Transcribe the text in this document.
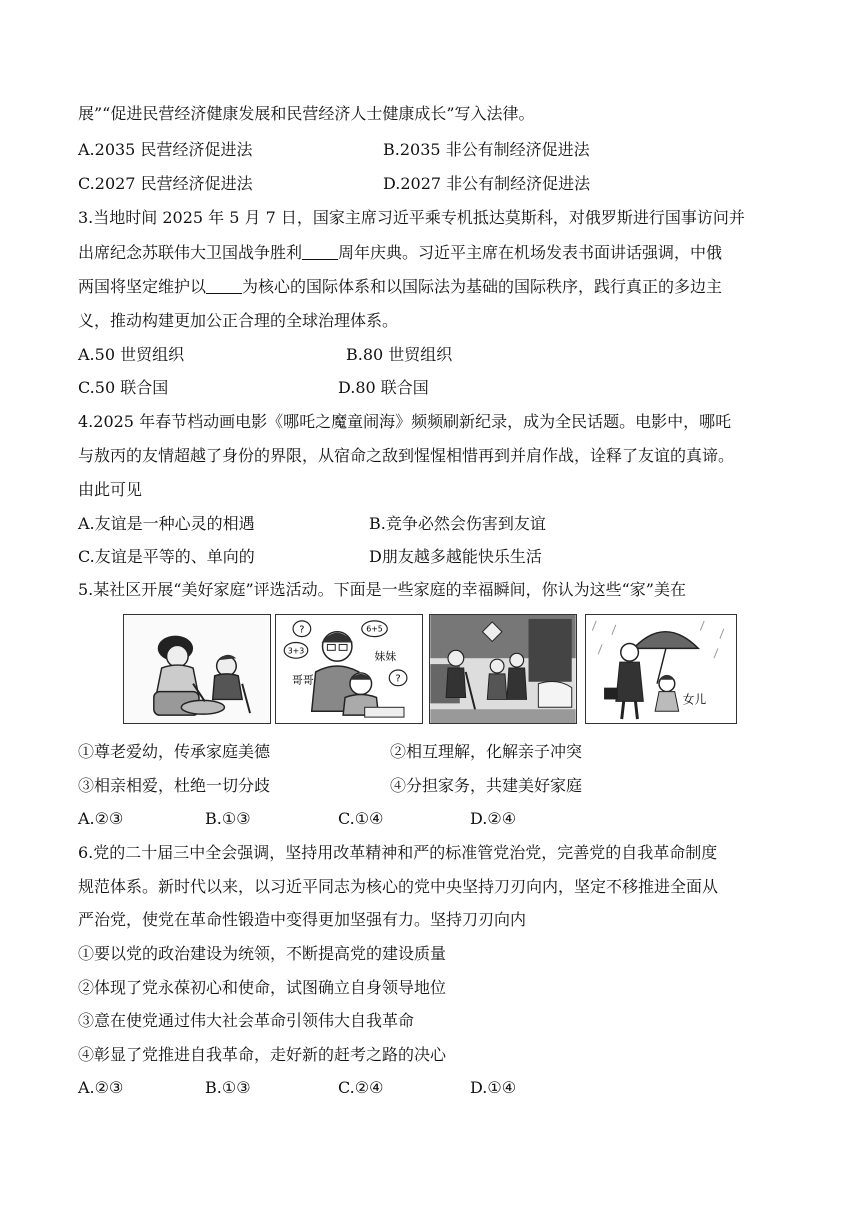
展”“促进民营经济健康发展和民营经济人士健康成长”写入法律。
A.2035 民营经济促进法	B.2035 非公有制经济促进法
C.2027 民营经济促进法	D.2027 非公有制经济促进法
3.当地时间 2025 年 5 月 7 日，国家主席习近平乘专机抵达莫斯科，对俄罗斯进行国事访问并
出席纪念苏联伟大卫国战争胜利 周年庆典。习近平主席在机场发表书面讲话强调，中俄
两国将坚定维护以 为核心的国际体系和以国际法为基础的国际秩序，践行真正的多边主
义，推动构建更加公正合理的全球治理体系。
A.50 世贸组织	B.80 世贸组织
C.50 联合国	D.80 联合国
4.2025 年春节档动画电影《哪吒之魔童闹海》频频刷新纪录，成为全民话题。电影中，哪吒
与敖丙的友情超越了身份的界限，从宿命之敌到惺惺相惜再到并肩作战，诠释了友谊的真谛。
由此可见
A.友谊是一种心灵的相遇	B.竞争必然会伤害到友谊
C.友谊是平等的、单向的	D朋友越多越能快乐生活
5.某社区开展“美好家庭”评选活动。下面是一些家庭的幸福瞬间，你认为这些“家”美在
?
3+3
6+5
?
哥哥
妹妹
女儿
①尊老爱幼，传承家庭美德	②相互理解，化解亲子冲突
③相亲相爱，杜绝一切分歧	④分担家务，共建美好家庭
A.②③	B.①③	C.①④	D.②④
6.党的二十届三中全会强调，坚持用改革精神和严的标准管党治党，完善党的自我革命制度
规范体系。新时代以来，以习近平同志为核心的党中央坚持刀刃向内，坚定不移推进全面从
严治党，使党在革命性锻造中变得更加坚强有力。坚持刀刃向内
①要以党的政治建设为统领，不断提高党的建设质量
②体现了党永葆初心和使命，试图确立自身领导地位
③意在使党通过伟大社会革命引领伟大自我革命
④彰显了党推进自我革命，走好新的赶考之路的决心
A.②③	B.①③	C.②④	D.①④
